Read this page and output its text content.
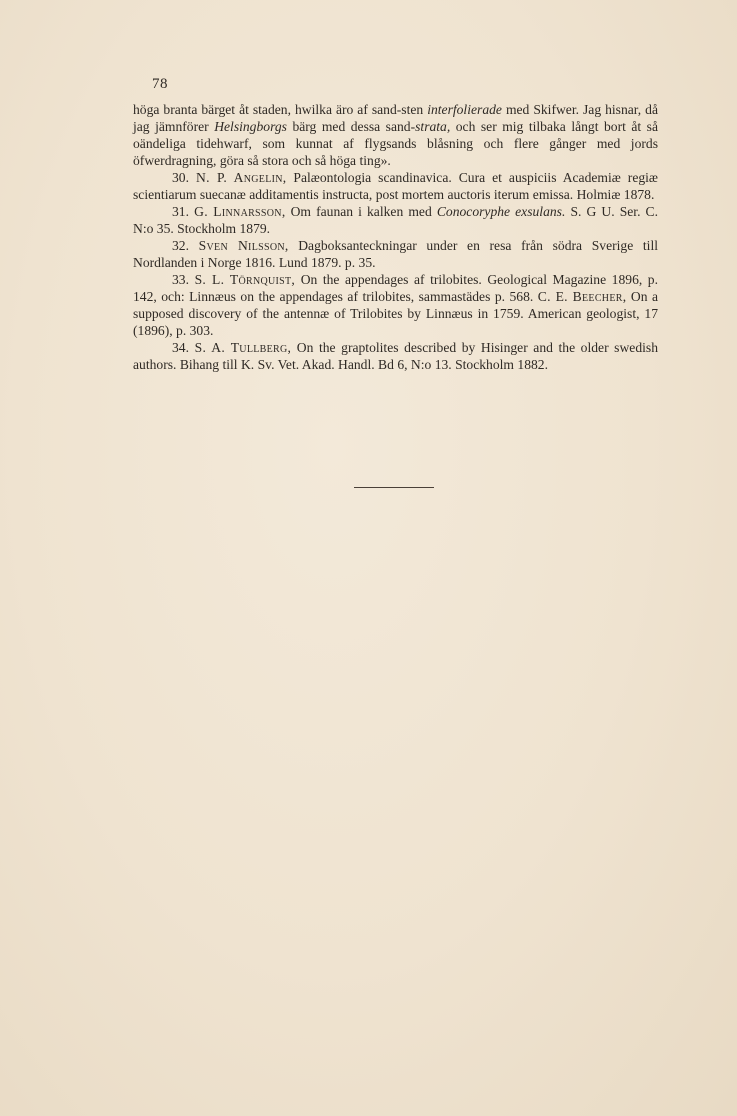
78

höga branta bärget åt staden, hwilka äro af sand-sten interfolierade med Skifwer. Jag hisnar, då jag jämnförer Helsingborgs bärg med dessa sand-strata, och ser mig tilbaka långt bort åt så oändeliga tidehwarf, som kunnat af flygsands blåsning och flere gånger med jords öfwerdragning, göra så stora och så höga ting».

30. N. P. Angelin, Palæontologia scandinavica. Cura et auspiciis Academiæ regiæ scientiarum suecanæ additamentis instructa, post mortem auctoris iterum emissa. Holmiæ 1878.

31. G. Linnarsson, Om faunan i kalken med Conocoryphe exsulans. S. G U. Ser. C. N:o 35. Stockholm 1879.

32. Sven Nilsson, Dagboksanteckningar under en resa från södra Sverige till Nordlanden i Norge 1816. Lund 1879. p. 35.

33. S. L. Törnquist, On the appendages af trilobites. Geological Magazine 1896, p. 142, och: Linnæus on the appendages af trilobites, sammastädes p. 568. C. E. Beecher, On a supposed discovery of the antennæ of Trilobites by Linnæus in 1759. American geologist, 17 (1896), p. 303.

34. S. A. Tullberg, On the graptolites described by Hisinger and the older swedish authors. Bihang till K. Sv. Vet. Akad. Handl. Bd 6, N:o 13. Stockholm 1882.
